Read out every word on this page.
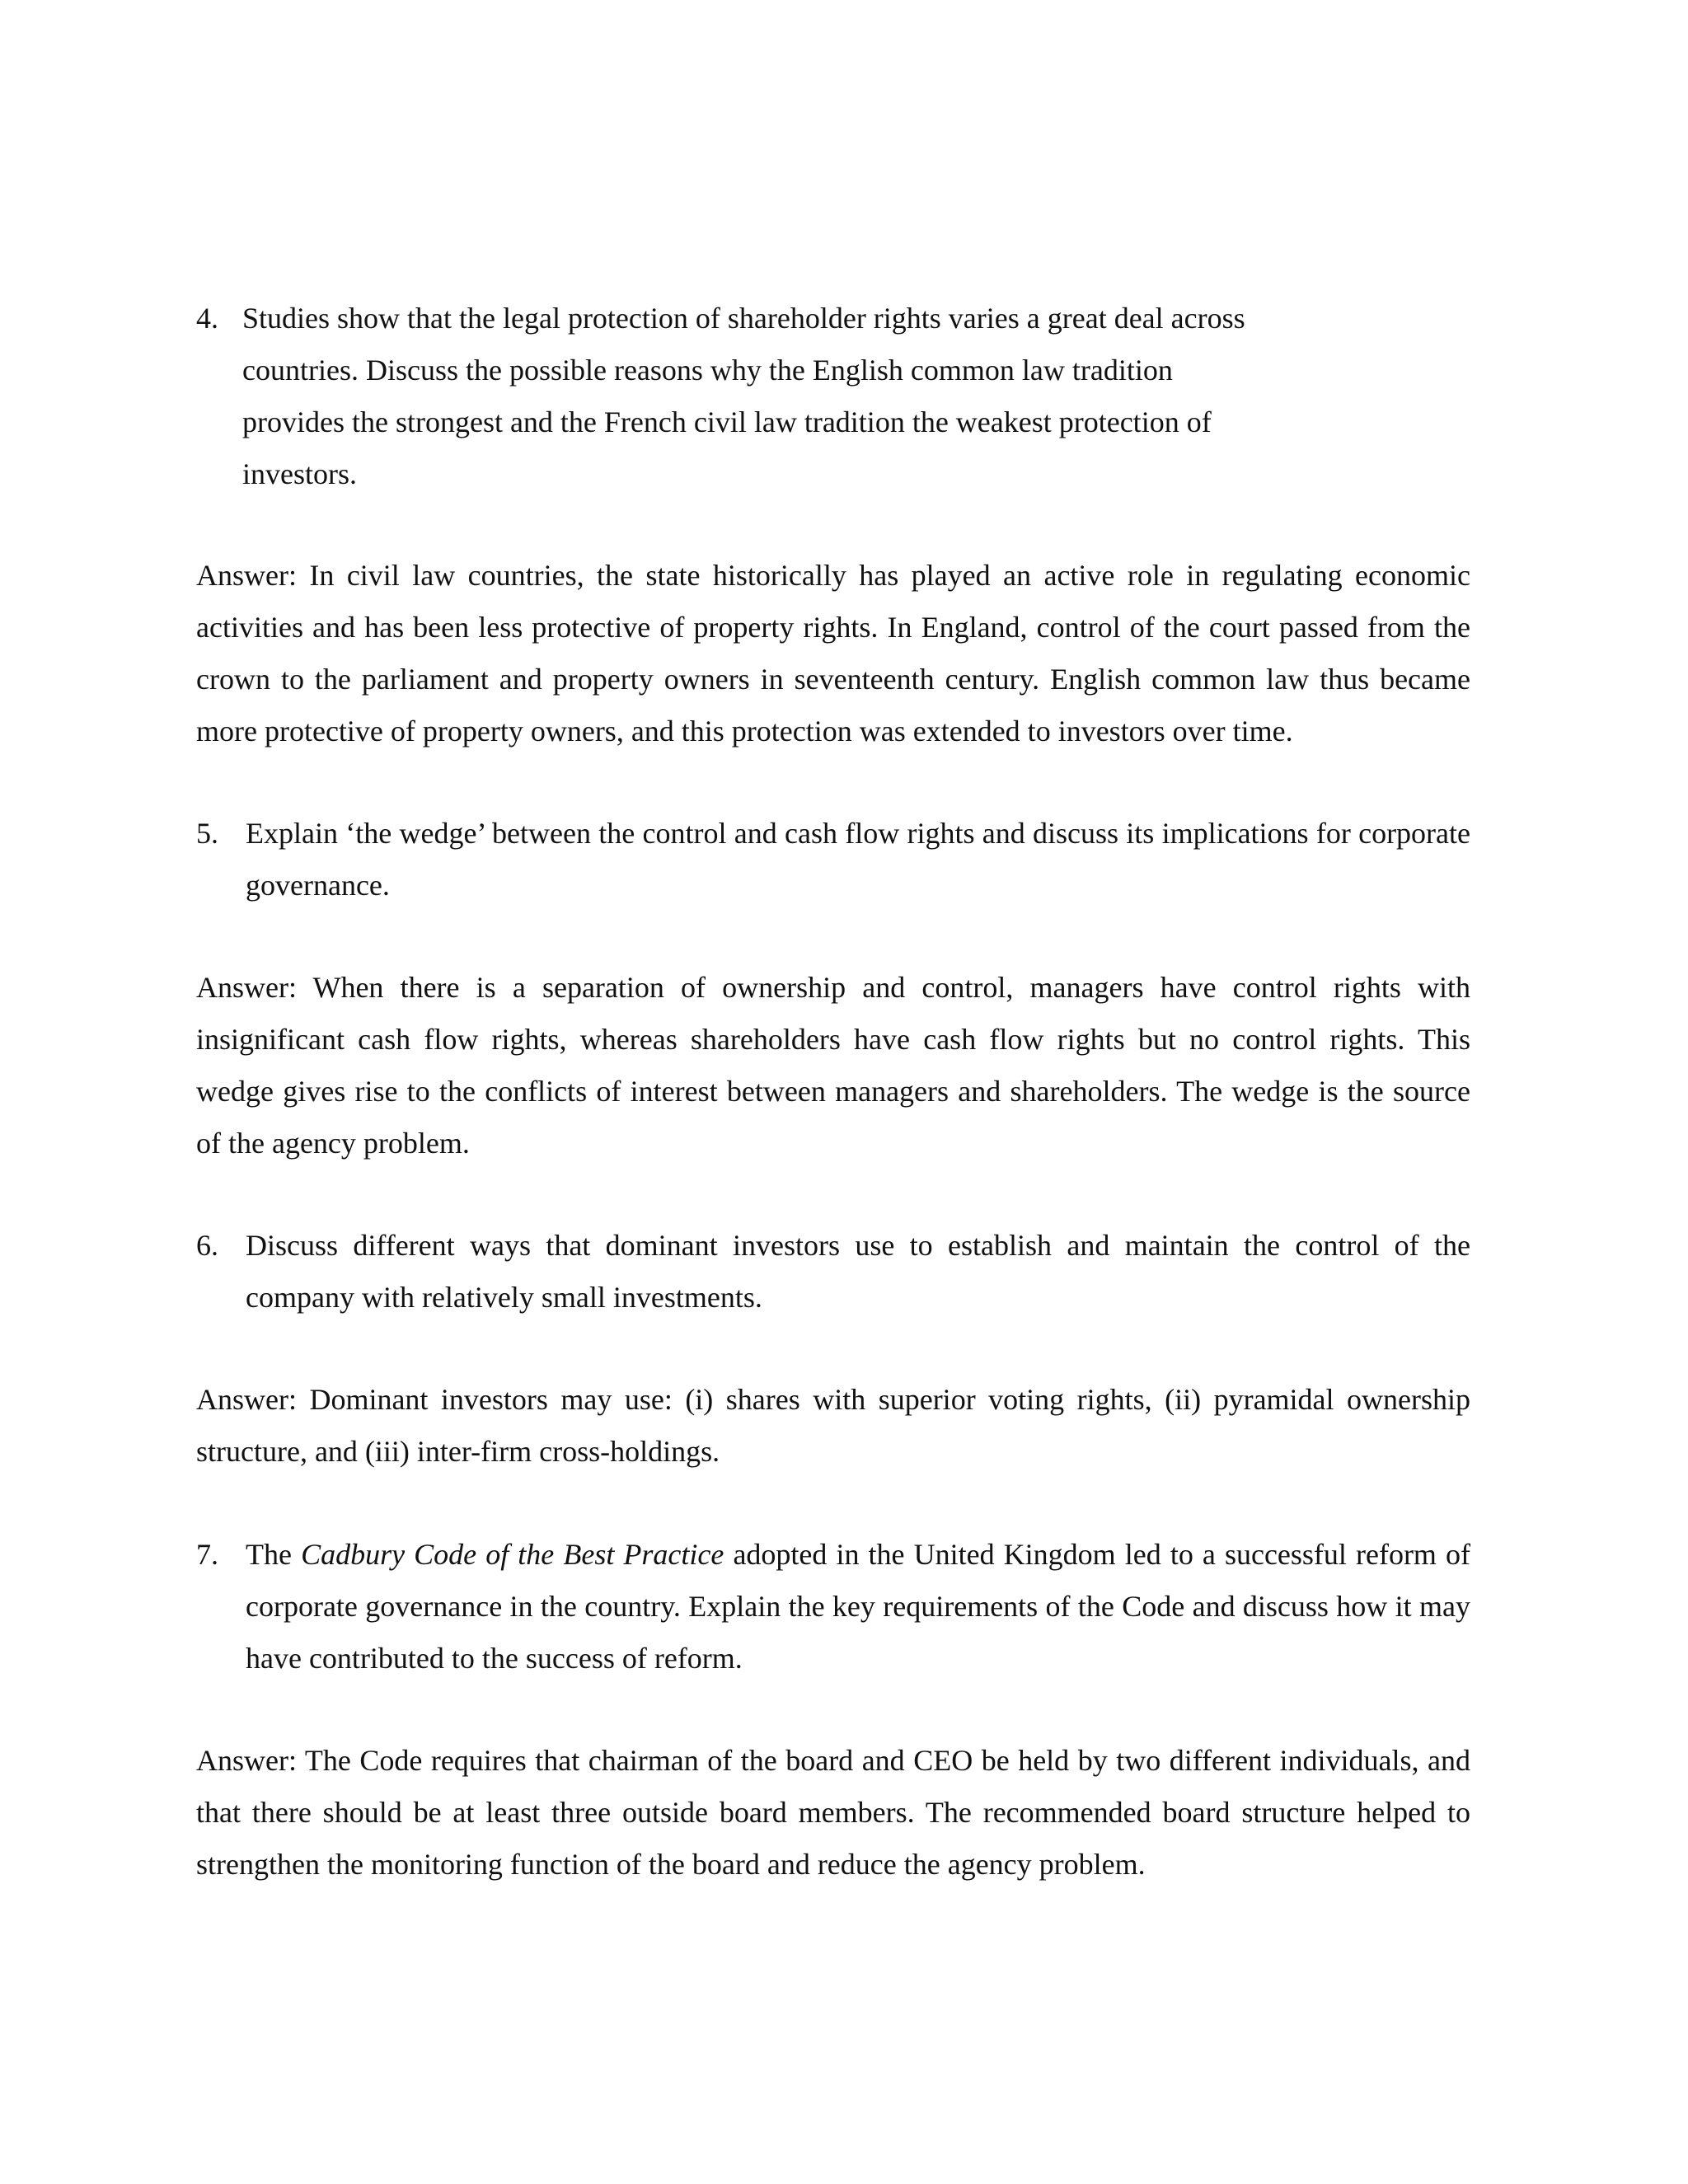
4. Studies show that the legal protection of shareholder rights varies a great deal across
countries. Discuss the possible reasons why the English common law tradition
provides the strongest and the French civil law tradition the weakest protection of
investors.
Answer: In civil law countries, the state historically has played an active role in regulating economic activities and has been less protective of property rights. In England, control of the court passed from the crown to the parliament and property owners in seventeenth century. English common law thus became more protective of property owners, and this protection was extended to investors over time.
5. Explain ‘the wedge’ between the control and cash flow rights and discuss its implications for corporate governance.
Answer: When there is a separation of ownership and control, managers have control rights with insignificant cash flow rights, whereas shareholders have cash flow rights but no control rights. This wedge gives rise to the conflicts of interest between managers and shareholders. The wedge is the source of the agency problem.
6. Discuss different ways that dominant investors use to establish and maintain the control of the company with relatively small investments.
Answer: Dominant investors may use: (i) shares with superior voting rights, (ii) pyramidal ownership structure, and (iii) inter-firm cross-holdings.
7. The Cadbury Code of the Best Practice adopted in the United Kingdom led to a successful reform of corporate governance in the country. Explain the key requirements of the Code and discuss how it may have contributed to the success of reform.
Answer: The Code requires that chairman of the board and CEO be held by two different individuals, and that there should be at least three outside board members. The recommended board structure helped to strengthen the monitoring function of the board and reduce the agency problem.
